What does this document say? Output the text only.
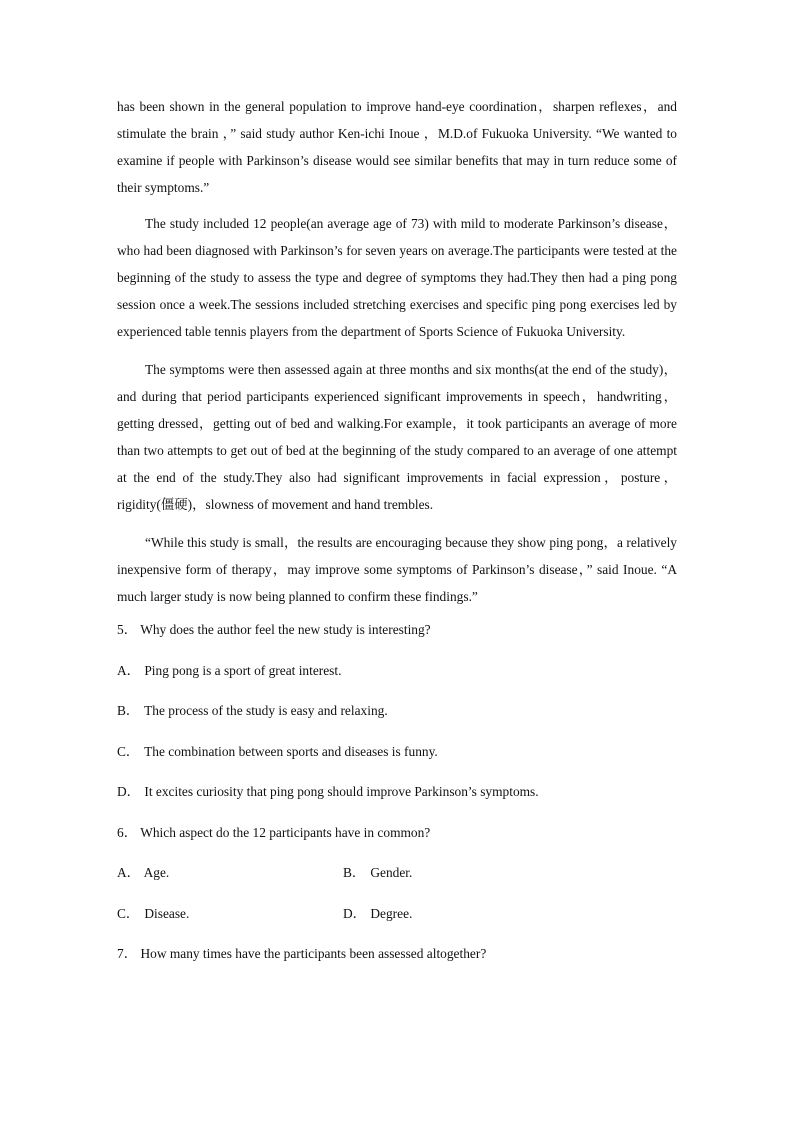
has been shown in the general population to improve hand-eye coordination，sharpen reflexes，and stimulate the brain ，” said study author Ken-ichi Inoue ，M.D.of Fukuoka University. “We wanted to examine if people with Parkinson’s disease would see similar benefits that may in turn reduce some of their symptoms.”

The study included 12 people(an average age of 73) with mild to moderate Parkinson’s disease，who had been diagnosed with Parkinson’s for seven years on average.The participants were tested at the beginning of the study to assess the type and degree of symptoms they had.They then had a ping pong session once a week.The sessions included stretching exercises and specific ping pong exercises led by experienced table tennis players from the department of Sports Science of Fukuoka University.

The symptoms were then assessed again at three months and six months(at the end of the study)，and during that period participants experienced significant improvements in speech，handwriting，getting dressed，getting out of bed and walking.For example，it took participants an average of more than two attempts to get out of bed at the beginning of the study compared to an average of one attempt at the end of the study.They also had significant improvements in facial expression，posture，rigidity(僵硬)，slowness of movement and hand trembles.

“While this study is small，the results are encouraging because they show ping pong，a relatively inexpensive form of therapy，may improve some symptoms of Parkinson’s disease，” said Inoue. “A much larger study is now being planned to confirm these findings.”

5． Why does the author feel the new study is interesting?
A． Ping pong is a sport of great interest.
B． The process of the study is easy and relaxing.
C． The combination between sports and diseases is funny.
D． It excites curiosity that ping pong should improve Parkinson’s symptoms.
6． Which aspect do the 12 participants have in common?
A． Age.	B． Gender.
C． Disease.	D． Degree.
7． How many times have the participants been assessed altogether?
